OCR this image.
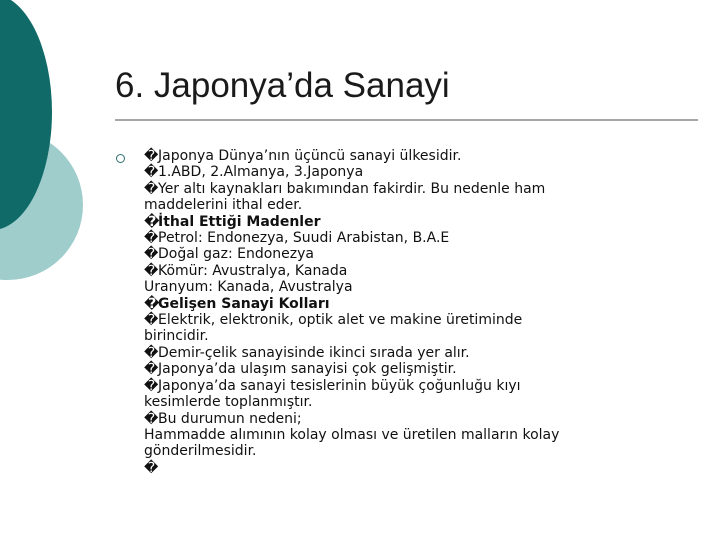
6. Japonya’da Sanayi
�Japonya Dünya’nın üçüncü sanayi ülkesidir.
�1.ABD, 2.Almanya, 3.Japonya
�Yer altı kaynakları bakımından fakirdir. Bu nedenle ham
maddelerini ithal eder.
�İthal Ettiği Madenler
�Petrol: Endonezya, Suudi Arabistan, B.A.E
�Doğal gaz: Endonezya
�Kömür: Avustralya, Kanada
Uranyum: Kanada, Avustralya
�Gelişen Sanayi Kolları
�Elektrik, elektronik, optik alet ve makine üretiminde
birincidir.
�Demir-çelik sanayisinde ikinci sırada yer alır.
�Japonya’da ulaşım sanayisi çok gelişmiştir.
�Japonya’da sanayi tesislerinin büyük çoğunluğu kıyı
kesimlerde toplanmıştır.
�Bu durumun nedeni;
Hammadde alımının kolay olması ve üretilen malların kolay
gönderilmesidir.
�
